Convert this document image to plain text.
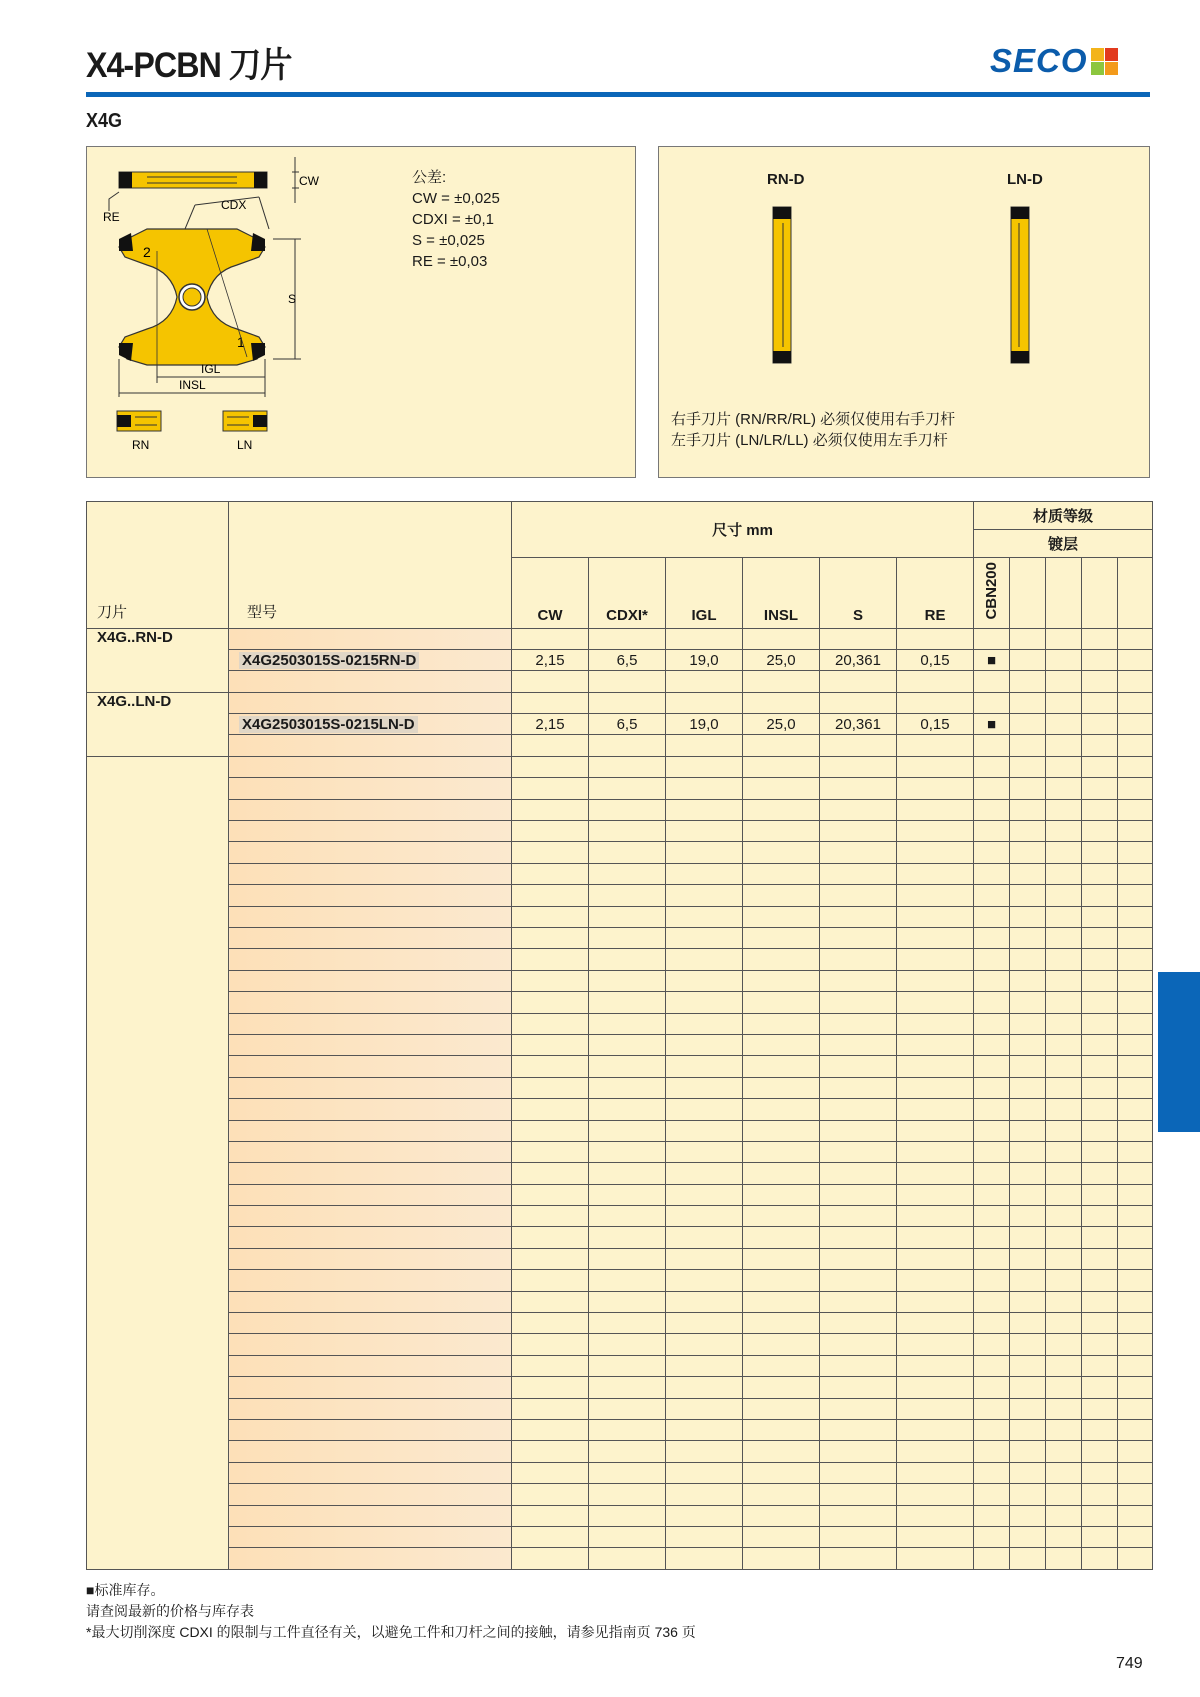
X4-PCBN 刀片	SECO
X4G
CW
RE
2
1
CDX
S
IGL
INSL
RN	LN
公差:
CW = ±0,025
CDXI = ±0,1
S = ±0,025
RE = ±0,03
RN-D	LN-D
右手刀片 (RN/RR/RL) 必须仅使用右手刀杆
左手刀片 (LN/LR/LL) 必须仅使用左手刀杆
刀片	型号	尺寸 mm						材质等级				
								镀层				
		CW	CDXI*	IGL	INSL	S	RE	CBN200				
X4G..RN-D												
	X4G2503015S-0215RN-D	2,15	6,5	19,0	25,0	20,361	0,15	■				

X4G..LN-D												
	X4G2503015S-0215LN-D	2,15	6,5	19,0	25,0	20,361	0,15	■				

■标准库存。
请查阅最新的价格与库存表
*最大切削深度 CDXI 的限制与工件直径有关，以避免工件和刀杆之间的接触，请参见指南页 736 页
749
